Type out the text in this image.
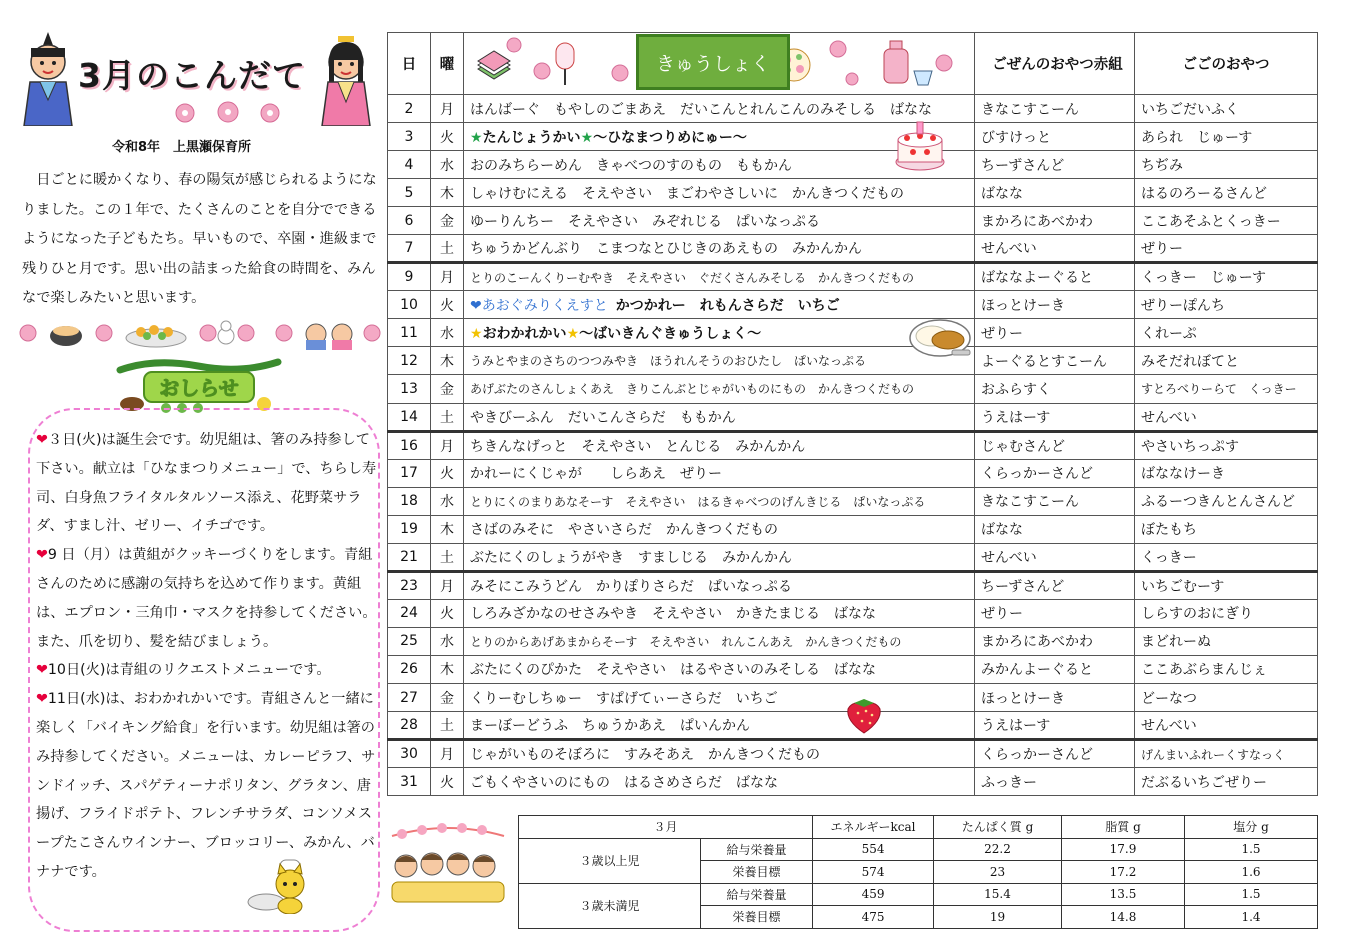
3月のこんだて
令和8年　上黒瀬保育所

日ごとに暖かくなり、春の陽気が感じられるようになりました。この１年で、たくさんのことを自分でできるようになった子どもたち。早いもので、卒園・進級まで残りひと月です。思い出の詰まった給食の時間を、みんなで楽しみたいと思います。

おしらせ

❤３日(火)は誕生会です。幼児組は、箸のみ持参して下さい。献立は「ひなまつりメニュー」で、ちらし寿司、白身魚フライタルタルソース添え、花野菜サラダ、すまし汁、ゼリー、イチゴです。

❤9 日（月）は黄組がクッキーづくりをします。青組さんのために感謝の気持ちを込めて作ります。黄組は、エプロン・三角巾・マスクを持参してください。また、爪を切り、髪を結びましょう。

❤10日(火)は青組のリクエストメニューです。

❤11日(水)は、おわかれかいです。青組さんと一緒に楽しく「バイキング給食」を行います。幼児組は箸のみ持参してください。メニューは、カレーピラフ、サンドイッチ、スパゲティーナポリタン、グラタン、唐揚げ、フライドポテト、フレンチサラダ、コンソメスープたこさんウインナー、ブロッコリー、みかん、バナナです。

日	曜	きゅうしょく	ごぜんのおやつ赤組	ごごのおやつ
2	月	はんばーぐ　もやしのごまあえ　だいこんとれんこんのみそしる　ばなな	きなこすこーん	いちごだいふく
3	火	★たんじょうかい★～ひなまつりめにゅー～	びすけっと	あられ　じゅーす
4	水	おのみちらーめん　きゃべつのすのもの　ももかん	ちーずさんど	ちぢみ
5	木	しゃけむにえる　そえやさい　まごわやさしいに　かんきつくだもの	ばなな	はるのろーるさんど
6	金	ゆーりんちー　そえやさい　みぞれじる　ぱいなっぷる	まかろにあべかわ	ここあそふとくっきー
7	土	ちゅうかどんぶり　こまつなとひじきのあえもの　みかんかん	せんべい	ぜりー
9	月	とりのこーんくりーむやき　そえやさい　ぐだくさんみそしる　かんきつくだもの	ばななよーぐると	くっきー　じゅーす
10	火	❤あおぐみりくえすと かつかれー　れもんさらだ　いちご	ほっとけーき	ぜりーぽんち
11	水	★おわかれかい★～ばいきんぐきゅうしょく～	ぜりー	くれーぷ
12	木	うみとやまのさちのつつみやき　ほうれんそうのおひたし　ぱいなっぷる	よーぐるとすこーん	みそだれぼてと
13	金	あげぶたのさんしょくあえ　きりこんぶとじゃがいものにもの　かんきつくだもの	おふらすく	すとろべりーらて　くっきー
14	土	やきびーふん　だいこんさらだ　ももかん	うえはーす	せんべい
16	月	ちきんなげっと　そえやさい　とんじる　みかんかん	じゃむさんど	やさいちっぷす
17	火	かれーにくじゃが　　しらあえ　ぜりー	くらっかーさんど	ばななけーき
18	水	とりにくのまりあなそーす　そえやさい　はるきゃべつのげんきじる　ぱいなっぷる	きなこすこーん	ふるーつきんとんさんど
19	木	さばのみそに　やさいさらだ　かんきつくだもの	ばなな	ぼたもち
21	土	ぶたにくのしょうがやき　すましじる　みかんかん	せんべい	くっきー
23	月	みそにこみうどん　かりぽりさらだ　ぱいなっぷる	ちーずさんど	いちごむーす
24	火	しろみざかなのせさみやき　そえやさい　かきたまじる　ばなな	ぜりー	しらすのおにぎり
25	水	とりのからあげあまからそーす　そえやさい　れんこんあえ　かんきつくだもの	まかろにあべかわ	まどれーぬ
26	木	ぶたにくのぴかた　そえやさい　はるやさいのみそしる　ばなな	みかんよーぐると	ここあぶらまんじぇ
27	金	くりーむしちゅー　すぱげてぃーさらだ　いちご	ほっとけーき	どーなつ
28	土	まーぼーどうふ　ちゅうかあえ　ぱいんかん	うえはーす	せんべい
30	月	じゃがいものそぼろに　すみそあえ　かんきつくだもの	くらっかーさんど	げんまいふれーくすなっく
31	火	ごもくやさいのにもの　はるさめさらだ　ばなな	ふっきー	だぶるいちごぜりー
３月		エネルギーkcal	たんぱく質 g	脂質 g	塩分 g
３歳以上児	給与栄養量	554	22.2	17.9	1.5
	栄養目標	574	23	17.2	1.6
３歳未満児	給与栄養量	459	15.4	13.5	1.5
	栄養目標	475	19	14.8	1.4
